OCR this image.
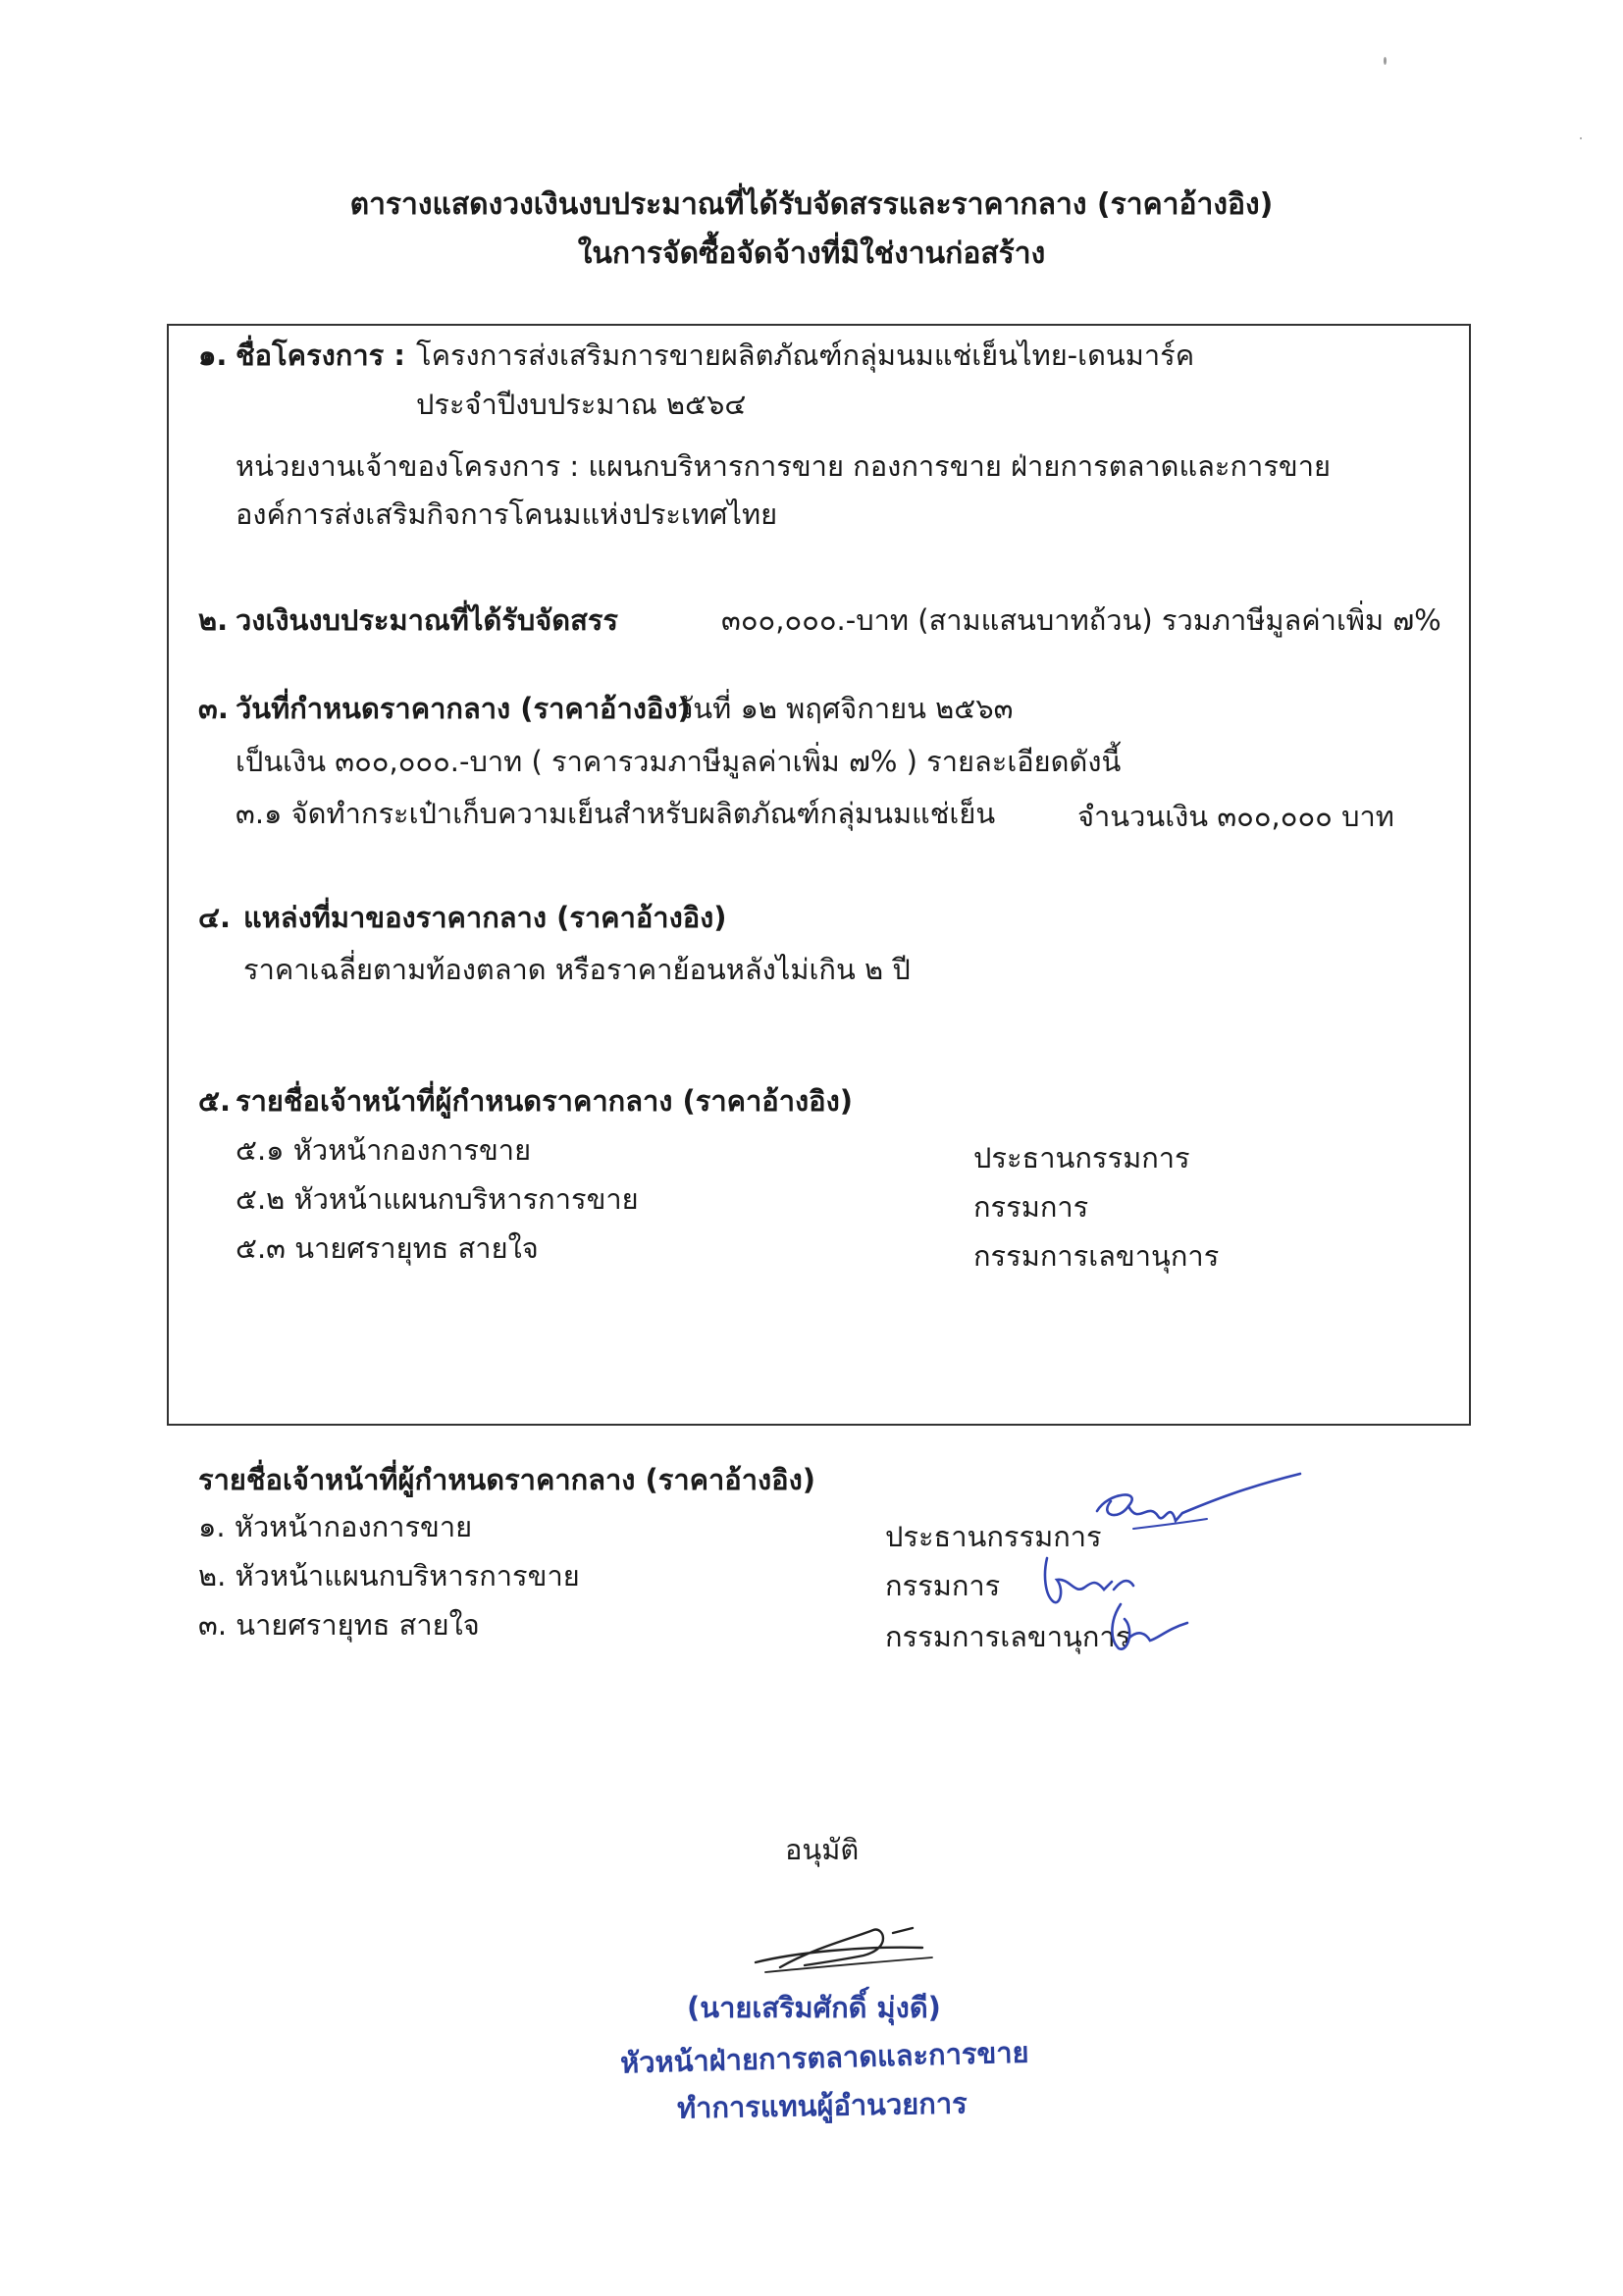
ตารางแสดงวงเงินงบประมาณที่ได้รับจัดสรรและราคากลาง (ราคาอ้างอิง)
ในการจัดซื้อจัดจ้างที่มิใช่งานก่อสร้าง
๑. ชื่อโครงการ : โครงการส่งเสริมการขายผลิตภัณฑ์กลุ่มนมแช่เย็นไทย-เดนมาร์ค
ประจำปีงบประมาณ ๒๕๖๔
หน่วยงานเจ้าของโครงการ : แผนกบริหารการขาย กองการขาย ฝ่ายการตลาดและการขาย
องค์การส่งเสริมกิจการโคนมแห่งประเทศไทย
๒. วงเงินงบประมาณที่ได้รับจัดสรร	๓๐๐,๐๐๐.-บาท (สามแสนบาทถ้วน) รวมภาษีมูลค่าเพิ่ม ๗%
๓. วันที่กำหนดราคากลาง (ราคาอ้างอิง)
วันที่ ๑๒ พฤศจิกายน ๒๕๖๓
เป็นเงิน ๓๐๐,๐๐๐.-บาท ( ราคารวมภาษีมูลค่าเพิ่ม ๗% ) รายละเอียดดังนี้
๓.๑ จัดทำกระเป๋าเก็บความเย็นสำหรับผลิตภัณฑ์กลุ่มนมแช่เย็น	จำนวนเงิน ๓๐๐,๐๐๐ บาท
๔. แหล่งที่มาของราคากลาง (ราคาอ้างอิง)
ราคาเฉลี่ยตามท้องตลาด หรือราคาย้อนหลังไม่เกิน ๒ ปี
๕. รายชื่อเจ้าหน้าที่ผู้กำหนดราคากลาง (ราคาอ้างอิง)
๕.๑ หัวหน้ากองการขาย	ประธานกรรมการ
๕.๒ หัวหน้าแผนกบริหารการขาย	กรรมการ
๕.๓ นายศรายุทธ สายใจ	กรรมการเลขานุการ
รายชื่อเจ้าหน้าที่ผู้กำหนดราคากลาง (ราคาอ้างอิง)
๑. หัวหน้ากองการขาย	ประธานกรรมการ
๒. หัวหน้าแผนกบริหารการขาย	กรรมการ
๓. นายศรายุทธ สายใจ	กรรมการเลขานุการ
อนุมัติ
(นายเสริมศักดิ์ มุ่งดี)
หัวหน้าฝ่ายการตลาดและการขาย
ทำการแทนผู้อำนวยการ
